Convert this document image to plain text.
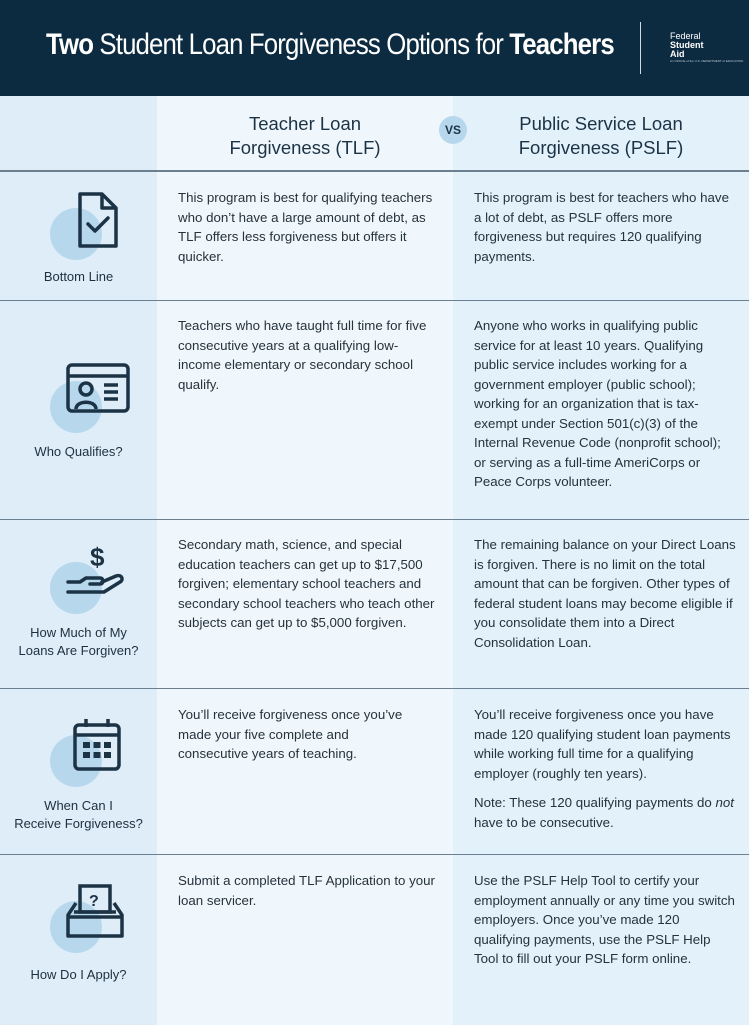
Two Student Loan Forgiveness Options for Teachers	Federal
Student
Aid
An OFFICE of the U.S. DEPARTMENT of EDUCATION
Teacher Loan
Forgiveness (TLF)
Public Service Loan
Forgiveness (PSLF)
VS
Bottom Line

This program is best for qualifying teachers who don’t have a large amount of debt, as TLF offers less forgiveness but offers it quicker.

This program is best for teachers who have a lot of debt, as PSLF offers more forgiveness but requires 120 qualifying payments.

Who Qualifies?

Teachers who have taught full time for five consecutive years at a qualifying low-income elementary or secondary school qualify.

Anyone who works in qualifying public service for at least 10 years. Qualifying public service includes working for a government employer (public school); working for an organization that is tax-exempt under Section 501(c)(3) of the Internal Revenue Code (nonprofit school); or serving as a full-time AmeriCorps or Peace Corps volunteer.

$
How Much of My
Loans Are Forgiven?

Secondary math, science, and special education teachers can get up to $17,500 forgiven; elementary school teachers and secondary school teachers who teach other subjects can get up to $5,000 forgiven.

The remaining balance on your Direct Loans is forgiven. There is no limit on the total amount that can be forgiven. Other types of federal student loans may become eligible if you consolidate them into a Direct Consolidation Loan.

When Can I
Receive Forgiveness?

You’ll receive forgiveness once you’ve made your five complete and consecutive years of teaching.

You’ll receive forgiveness once you have made 120 qualifying student loan payments while working full time for a qualifying employer (roughly ten years).

Note: These 120 qualifying payments do not have to be consecutive.

?
How Do I Apply?

Submit a completed TLF Application to your loan servicer.

Use the PSLF Help Tool to certify your employment annually or any time you switch employers. Once you’ve made 120 qualifying payments, use the PSLF Help Tool to fill out your PSLF form online.
